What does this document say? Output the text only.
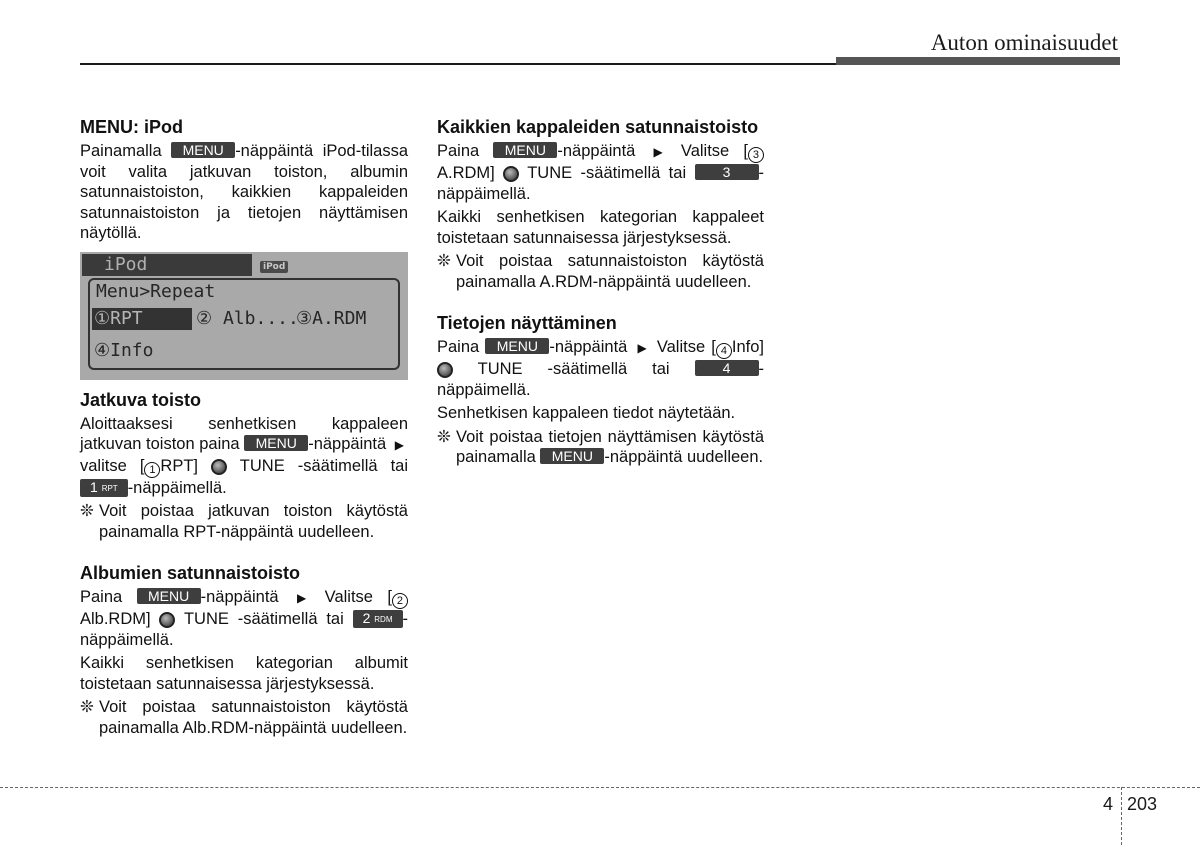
Auton ominaisuudet
MENU: iPod

Painamalla MENU -näppäintä iPod-tilassa voit valita jatkuvan toiston, albumin satunnaistoiston, kaikkien kappaleiden satunnaistoiston ja tietojen näyttämisen näytöllä.

iPod	iPod
Menu>Repeat
①RPT	② Alb....
③A.RDM
④Info
Jatkuva toisto

Aloittaaksesi senhetkisen kappaleen jatkuvan toiston paina MENU -näppäintä ▶ valitse [ 1 RPT]  TUNE -säätimellä tai 1 RPT -näppäimellä.

❊ Voit poistaa jatkuvan toiston käytöstä painamalla RPT-näppäintä uudelleen.
Albumien satunnaistoisto

Paina MENU -näppäintä ▶ Valitse [ 2Alb.RDM]  TUNE -säätimellä tai 2 RDM -näppäimellä.

Kaikki senhetkisen kategorian albumit toistetaan satunnaisessa järjestyksessä.

❊ Voit poistaa satunnaistoiston käytöstä painamalla Alb.RDM-näppäintä uudelleen.
Kaikkien kappaleiden satunnaistoisto

Paina MENU -näppäintä ▶ Valitse [ 3A.RDM]  TUNE -säätimellä tai 3 -näppäimellä.

Kaikki senhetkisen kategorian kappaleet toistetaan satunnaisessa järjestyksessä.

❊ Voit poistaa satunnaistoiston käytöstä painamalla A.RDM-näppäintä uudelleen.
Tietojen näyttäminen

Paina MENU -näppäintä ▶ Valitse [ 4 Info]  TUNE -säätimellä tai 4 -näppäimellä.

Senhetkisen kappaleen tiedot näytetään.

❊ Voit poistaa tietojen näyttämisen käytöstä painamalla MENU -näppäintä uudelleen.
4 203
